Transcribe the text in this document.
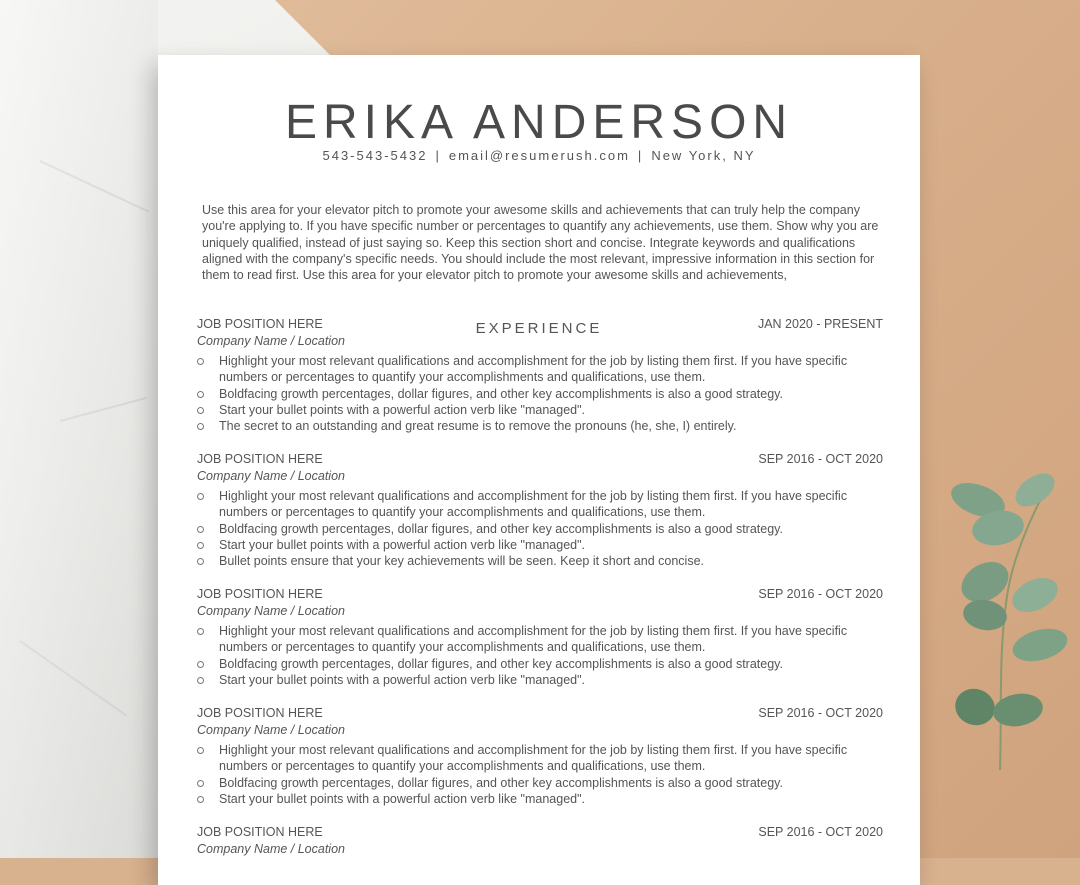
ERIKA ANDERSON
543-543-5432 | email@resumerush.com | New York, NY
Use this area for your elevator pitch to promote your awesome skills and achievements that can truly help the company you're applying to. If you have specific number or percentages to quantify any achievements, use them. Show why you are uniquely qualified, instead of just saying so. Keep this section short and concise. Integrate keywords and qualifications aligned with the company's specific needs. You should include the most relevant, impressive information in this section for them to read first. Use this area for your elevator pitch to promote your awesome skills and achievements,
EXPERIENCE
JOB POSITION HERE	JAN 2020 - PRESENT
Company Name / Location
Highlight your most relevant qualifications and accomplishment for the job by listing them first. If you have specific numbers or percentages to quantify your accomplishments and qualifications, use them.
Boldfacing growth percentages, dollar figures, and other key accomplishments is also a good strategy.
Start your bullet points with a powerful action verb like "managed".
The secret to an outstanding and great resume is to remove the pronouns (he, she, I) entirely.
JOB POSITION HERE	SEP 2016 - OCT 2020
Company Name / Location
Highlight your most relevant qualifications and accomplishment for the job by listing them first. If you have specific numbers or percentages to quantify your accomplishments and qualifications, use them.
Boldfacing growth percentages, dollar figures, and other key accomplishments is also a good strategy.
Start your bullet points with a powerful action verb like "managed".
Bullet points ensure that your key achievements will be seen. Keep it short and concise.
JOB POSITION HERE	SEP 2016 - OCT 2020
Company Name / Location
Highlight your most relevant qualifications and accomplishment for the job by listing them first. If you have specific numbers or percentages to quantify your accomplishments and qualifications, use them.
Boldfacing growth percentages, dollar figures, and other key accomplishments is also a good strategy.
Start your bullet points with a powerful action verb like "managed".
JOB POSITION HERE	SEP 2016 - OCT 2020
Company Name / Location
Highlight your most relevant qualifications and accomplishment for the job by listing them first. If you have specific numbers or percentages to quantify your accomplishments and qualifications, use them.
Boldfacing growth percentages, dollar figures, and other key accomplishments is also a good strategy.
Start your bullet points with a powerful action verb like "managed".
JOB POSITION HERE	SEP 2016 - OCT 2020
Company Name / Location
